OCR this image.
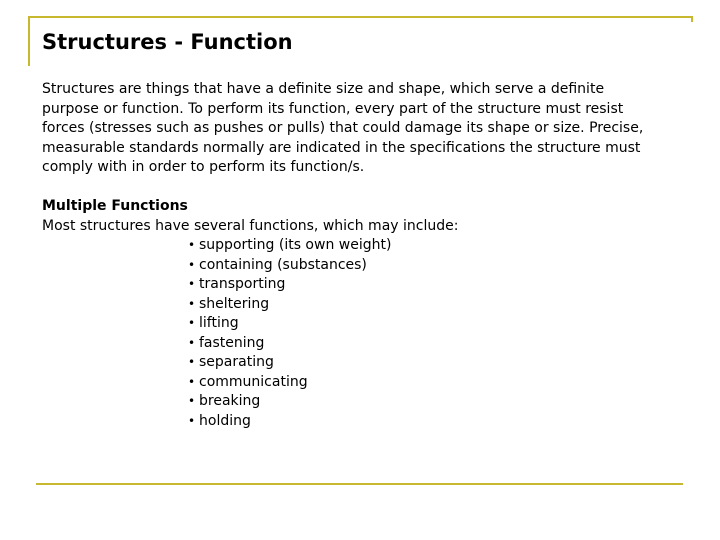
Structures - Function

Structures are things that have a definite size and shape, which serve a definite
purpose or function. To perform its function, every part of the structure must resist
forces (stresses such as pushes or pulls) that could damage its shape or size. Precise,
measurable standards normally are indicated in the specifications the structure must
comply with in order to perform its function/s.

Multiple Functions
Most structures have several functions, which may include:
• supporting (its own weight)
• containing (substances)
• transporting
• sheltering
• lifting
• fastening
• separating
• communicating
• breaking
• holding
